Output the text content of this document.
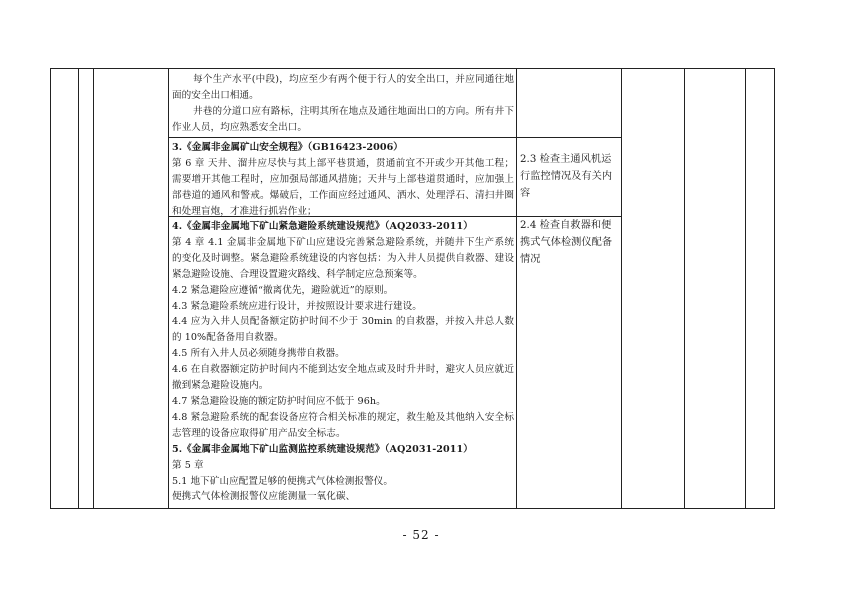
每个生产水平(中段)，均应至少有两个便于行人的安全出口，并应同通往地面的安全出口相通。

井巷的分道口应有路标，注明其所在地点及通往地面出口的方向。所有井下作业人员，均应熟悉安全出口。

3.《金属非金属矿山安全规程》（GB16423-2006）

第 6 章 天井、溜井应尽快与其上部平巷贯通，贯通前宜不开或少开其他工程；需要增开其他工程时，应加强局部通风措施；天井与上部巷道贯通时，应加强上部巷道的通风和警戒。爆破后，工作面应经过通风、洒水、处理浮石、清扫井圈和处理盲炮，才准进行抓岩作业；

4.《金属非金属地下矿山紧急避险系统建设规范》（AQ2033-2011）

第 4 章 4.1 金属非金属地下矿山应建设完善紧急避险系统，并随井下生产系统的变化及时调整。紧急避险系统建设的内容包括：为入井人员提供自救器、建设紧急避险设施、合理设置避灾路线、科学制定应急预案等。

4.2 紧急避险应遵循“撤离优先，避险就近”的原则。

4.3 紧急避险系统应进行设计，并按照设计要求进行建设。

4.4 应为入井人员配备额定防护时间不少于 30min 的自救器，并按入井总人数的 10%配备备用自救器。

4.5 所有入井人员必须随身携带自救器。

4.6 在自救器额定防护时间内不能到达安全地点或及时升井时，避灾人员应就近撤到紧急避险设施内。

4.7 紧急避险设施的额定防护时间应不低于 96h。

4.8 紧急避险系统的配套设备应符合相关标准的规定，救生舱及其他纳入安全标志管理的设备应取得矿用产品安全标志。

5.《金属非金属地下矿山监测监控系统建设规范》（AQ2031-2011）

第 5 章

5.1 地下矿山应配置足够的便携式气体检测报警仪。

便携式气体检测报警仪应能测量一氧化碳、

2.3 检查主通风机运行监控情况及有关内容
2.4 检查自救器和便携式气体检测仪配备情况
- 52 -
